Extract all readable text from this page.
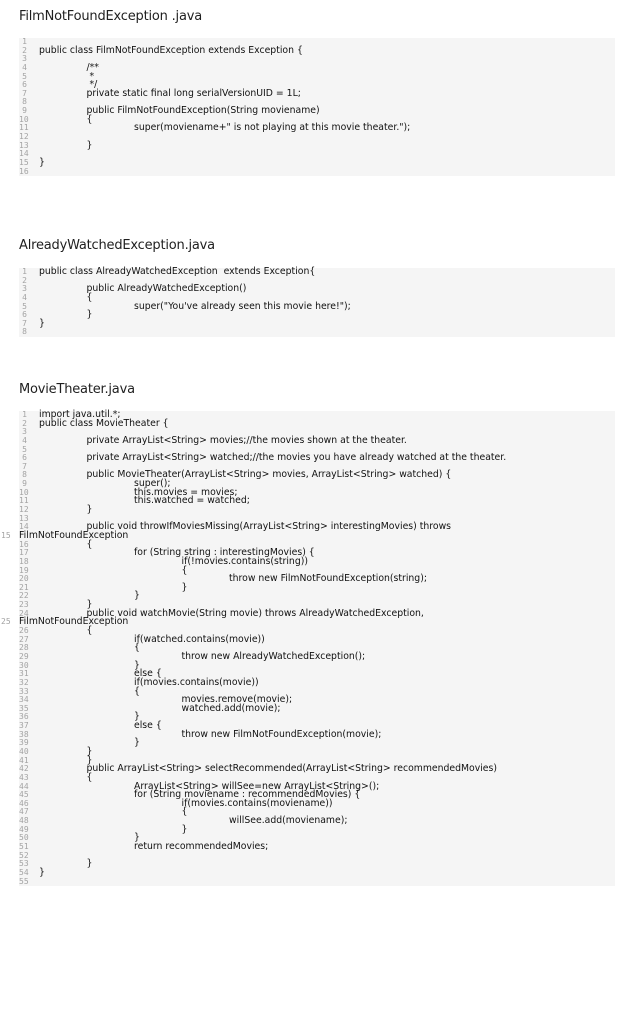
FilmNotFoundException .java
1
2 public class FilmNotFoundException extends Exception {
3
4	/**
5	*
6	*/
7	private static final long serialVersionUID = 1L;
8
9	public FilmNotFoundException(String moviename)
10	{
11	super(moviename+" is not playing at this movie theater.");
12
13	}
14
15 }
16
AlreadyWatchedException.java
1 public class AlreadyWatchedException  extends Exception{
2
3	public AlreadyWatchedException()
4	{
5	super("You've already seen this movie here!");
6	}
7 }
8
MovieTheater.java
1 import java.util.*;
2 public class MovieTheater {
3
4	private ArrayList<String> movies;//the movies shown at the theater.
5
6	private ArrayList<String> watched;//the movies you have already watched at the theater.
7
8	public MovieTheater(ArrayList<String> movies, ArrayList<String> watched) {
9	super();
10	this.movies = movies;
11	this.watched = watched;
12	}
13
14	public void throwIfMoviesMissing(ArrayList<String> interestingMovies) throws
15 FilmNotFoundException
16	{
17	for (String string : interestingMovies) {
18	if(!movies.contains(string))
19	{
20	throw new FilmNotFoundException(string);
21	}
22	}
23	}
24	public void watchMovie(String movie) throws AlreadyWatchedException,
25 FilmNotFoundException
26	{
27	if(watched.contains(movie))
28	{
29	throw new AlreadyWatchedException();
30	}
31	else {
32	if(movies.contains(movie))
33	{
34	movies.remove(movie);
35	watched.add(movie);
36	}
37	else {
38	throw new FilmNotFoundException(movie);
39	}
40	}
41	}
42	public ArrayList<String> selectRecommended(ArrayList<String> recommendedMovies)
43	{
44	ArrayList<String> willSee=new ArrayList<String>();
45	for (String moviename : recommendedMovies) {
46	if(movies.contains(moviename))
47	{
48	willSee.add(moviename);
49	}
50	}
51	return recommendedMovies;
52
53	}
54 }
55
